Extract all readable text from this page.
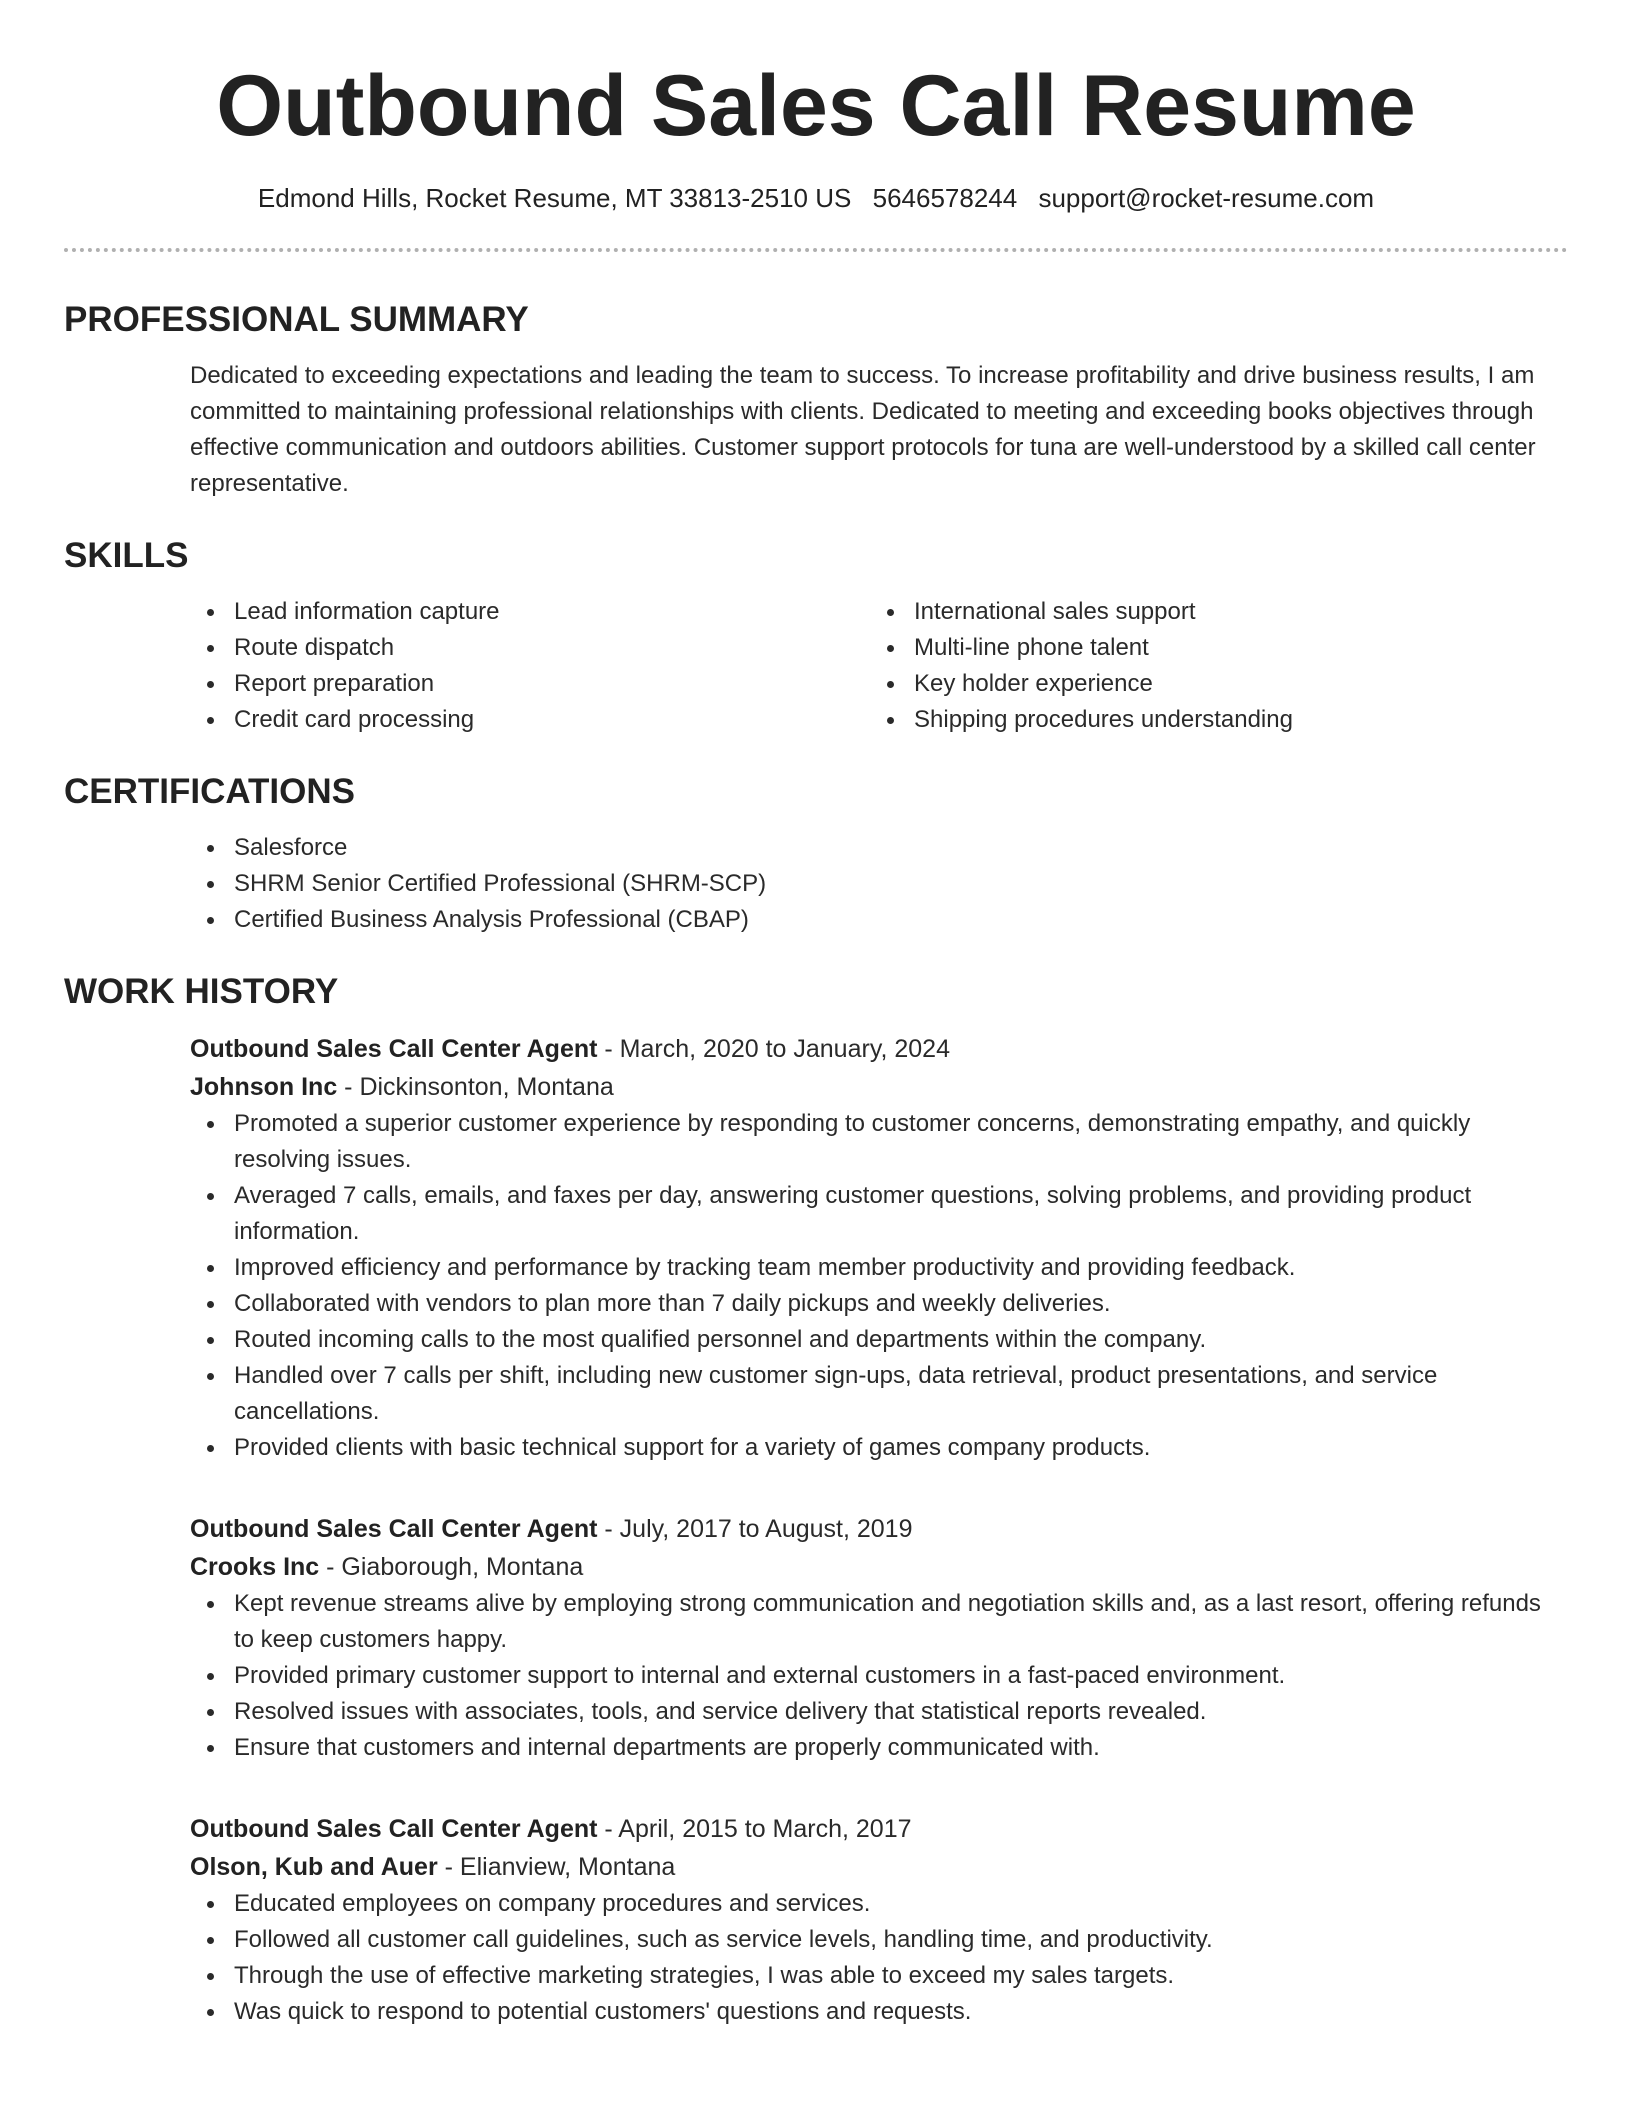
Outbound Sales Call Resume
Edmond Hills, Rocket Resume, MT 33813-2510 US 5646578244 support@rocket-resume.com
PROFESSIONAL SUMMARY

Dedicated to exceeding expectations and leading the team to success. To increase profitability and drive business results, I am committed to maintaining professional relationships with clients. Dedicated to meeting and exceeding books objectives through effective communication and outdoors abilities. Customer support protocols for tuna are well-understood by a skilled call center representative.

SKILLS
Lead information capture
Route dispatch
Report preparation
Credit card processing
International sales support
Multi-line phone talent
Key holder experience
Shipping procedures understanding
CERTIFICATIONS
Salesforce
SHRM Senior Certified Professional (SHRM-SCP)
Certified Business Analysis Professional (CBAP)
WORK HISTORY
Outbound Sales Call Center Agent - March, 2020 to January, 2024
Johnson Inc - Dickinsonton, Montana
Promoted a superior customer experience by responding to customer concerns, demonstrating empathy, and quickly resolving issues.
Averaged 7 calls, emails, and faxes per day, answering customer questions, solving problems, and providing product information.
Improved efficiency and performance by tracking team member productivity and providing feedback.
Collaborated with vendors to plan more than 7 daily pickups and weekly deliveries.
Routed incoming calls to the most qualified personnel and departments within the company.
Handled over 7 calls per shift, including new customer sign-ups, data retrieval, product presentations, and service cancellations.
Provided clients with basic technical support for a variety of games company products.
Outbound Sales Call Center Agent - July, 2017 to August, 2019
Crooks Inc - Giaborough, Montana
Kept revenue streams alive by employing strong communication and negotiation skills and, as a last resort, offering refunds to keep customers happy.
Provided primary customer support to internal and external customers in a fast-paced environment.
Resolved issues with associates, tools, and service delivery that statistical reports revealed.
Ensure that customers and internal departments are properly communicated with.
Outbound Sales Call Center Agent - April, 2015 to March, 2017
Olson, Kub and Auer - Elianview, Montana
Educated employees on company procedures and services.
Followed all customer call guidelines, such as service levels, handling time, and productivity.
Through the use of effective marketing strategies, I was able to exceed my sales targets.
Was quick to respond to potential customers' questions and requests.
